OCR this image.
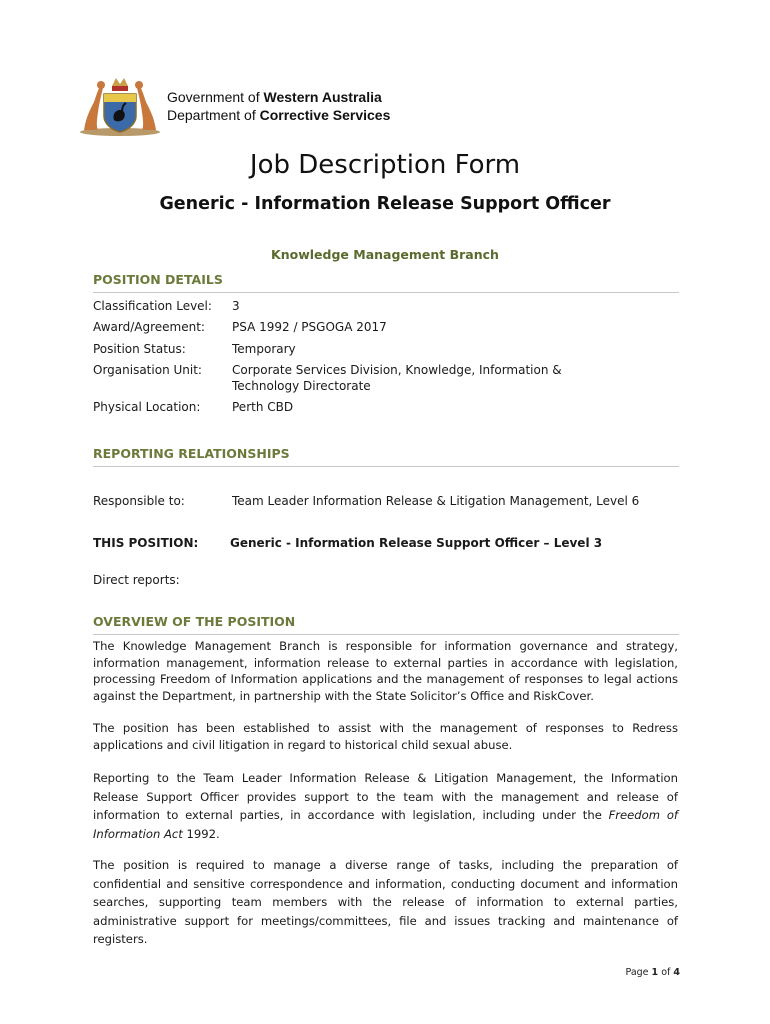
Government of Western Australia
Department of Corrective Services
Job Description Form
Generic - Information Release Support Officer
Knowledge Management Branch
POSITION DETAILS
Classification Level:	3
Award/Agreement:	PSA 1992 / PSGOGA 2017
Position Status:	Temporary
Organisation Unit:	Corporate Services Division, Knowledge, Information & Technology Directorate
Physical Location:	Perth CBD
REPORTING RELATIONSHIPS
Responsible to:	Team Leader Information Release & Litigation Management, Level 6
THIS POSITION:	Generic - Information Release Support Officer – Level 3
Direct reports:
OVERVIEW OF THE POSITION
The Knowledge Management Branch is responsible for information governance and strategy, information management, information release to external parties in accordance with legislation, processing Freedom of Information applications and the management of responses to legal actions against the Department, in partnership with the State Solicitor’s Office and RiskCover.
The position has been established to assist with the management of responses to Redress applications and civil litigation in regard to historical child sexual abuse.
Reporting to the Team Leader Information Release & Litigation Management, the Information Release Support Officer provides support to the team with the management and release of information to external parties, in accordance with legislation, including under the Freedom of Information Act 1992.
The position is required to manage a diverse range of tasks, including the preparation of confidential and sensitive correspondence and information, conducting document and information searches, supporting team members with the release of information to external parties, administrative support for meetings/committees, file and issues tracking and maintenance of registers.
Page 1 of 4
